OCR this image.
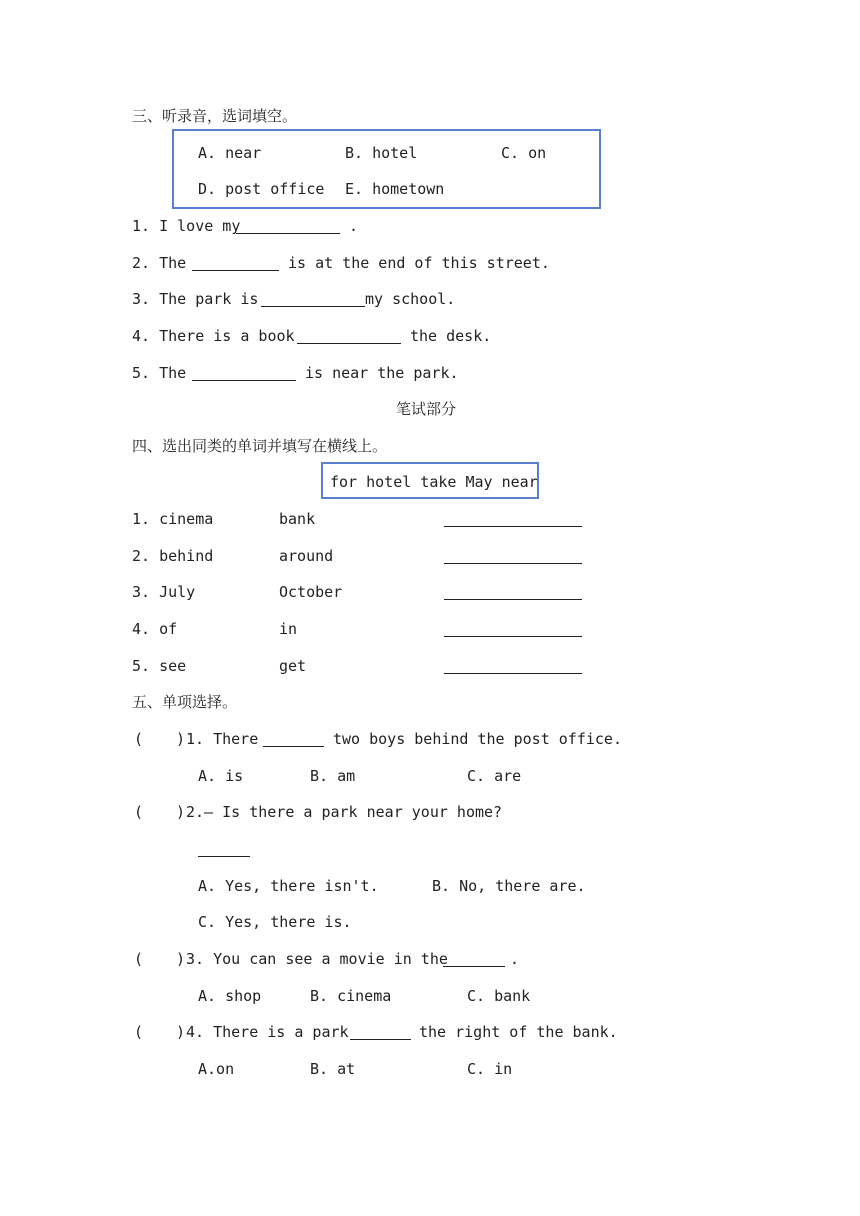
三、听录音，选词填空。
A. near	B. hotel	C. on
D. post office E. hometown
1. I love my	.
2. The	is at the end of this street.
3. The park is	my school.
4. There is a book	the desk.
5. The	is near the park.
笔试部分
四、选出同类的单词并填写在横线上。
for hotel take May near
1. cinema	bank
2. behind	around
3. July	October
4. of	in
5. see	get
五、单项选择。
( ) 1. There	two boys behind the post office.
A. is	B. am	C. are
( ) 2.— Is there a park near your home?
A. Yes, there isn't.	B. No, there are.
C. Yes, there is.
( ) 3. You can see a movie in the	.
A. shop	B. cinema	C. bank
( ) 4. There is a park	the right of the bank.
A.on	B. at	C. in
